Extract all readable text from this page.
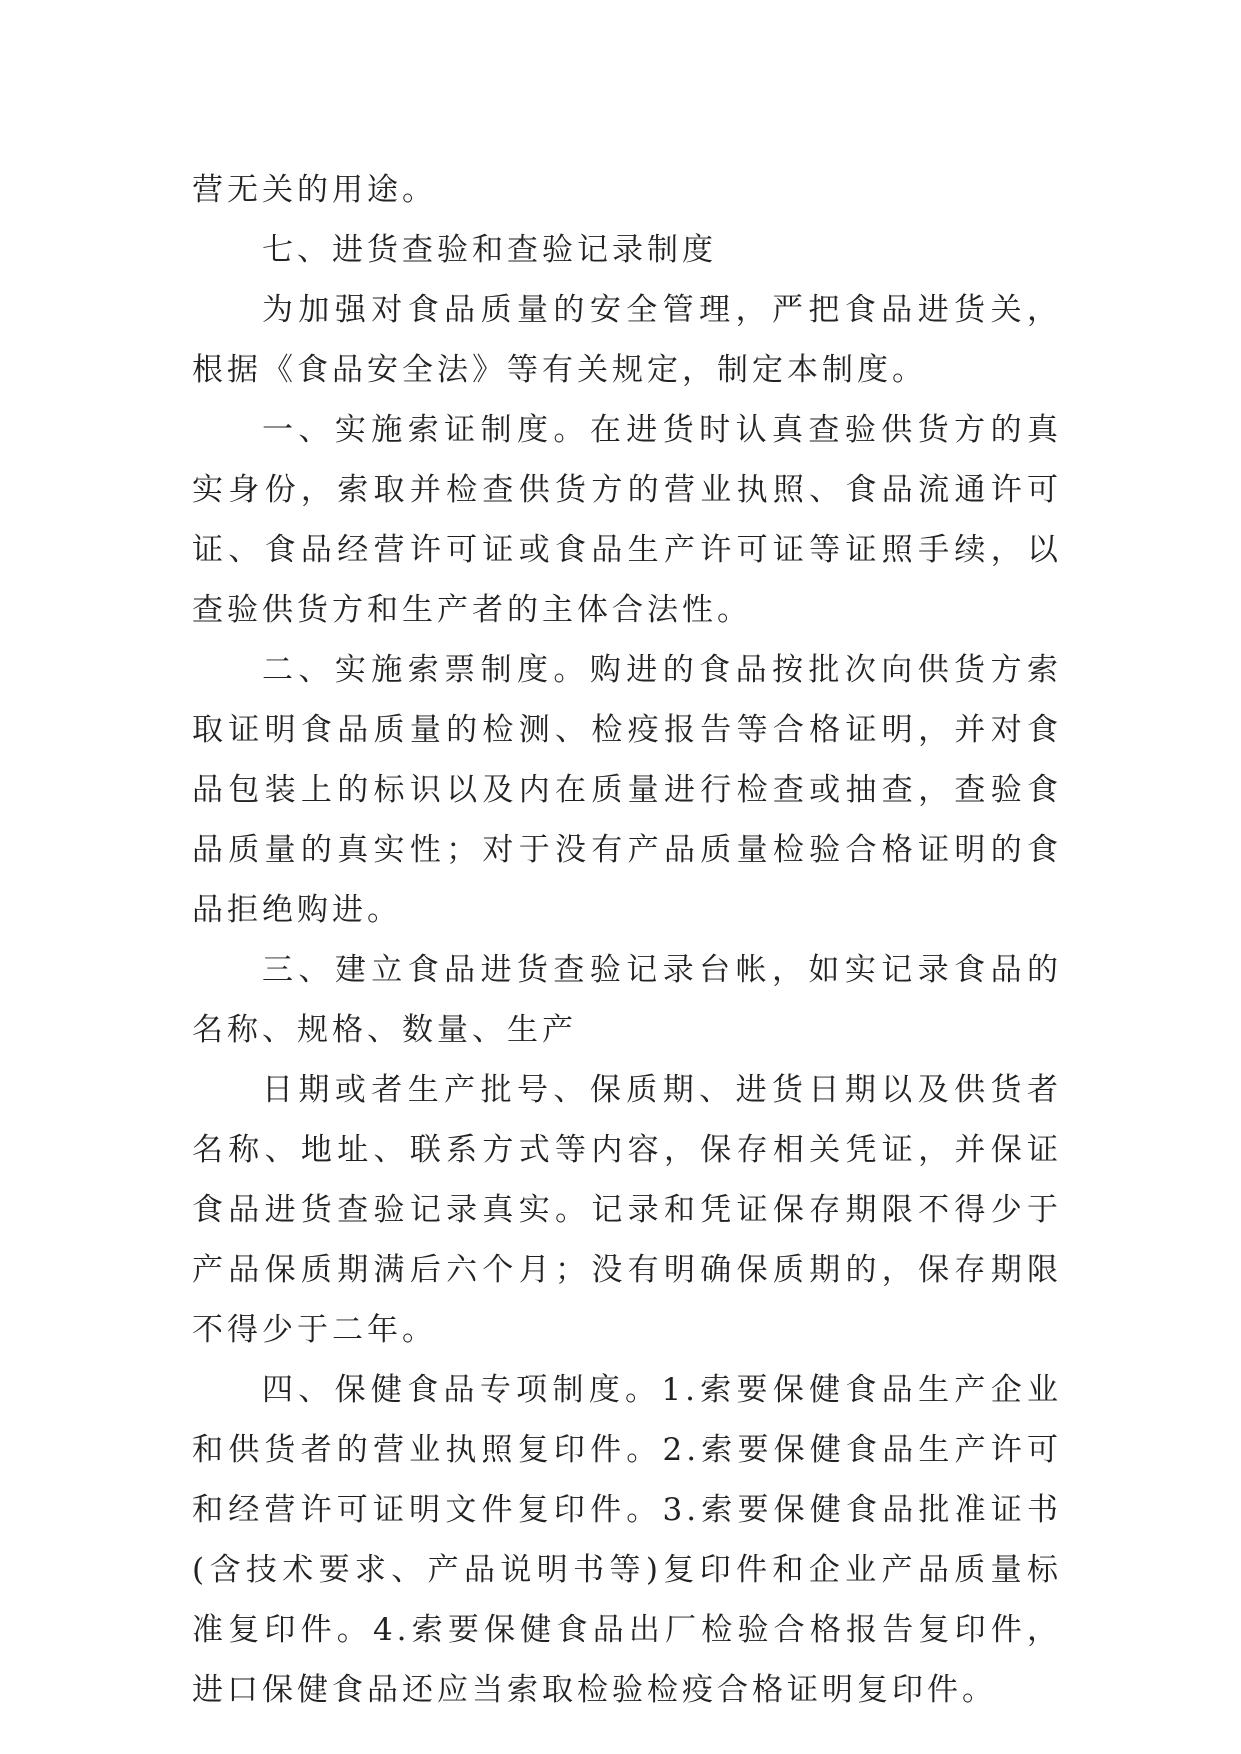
营无关的用途。

七、进货查验和查验记录制度

为加强对食品质量的安全管理，严把食品进货关，根据《食品安全法》等有关规定，制定本制度。

一、实施索证制度。在进货时认真查验供货方的真实身份，索取并检查供货方的营业执照、食品流通许可证、食品经营许可证或食品生产许可证等证照手续，以查验供货方和生产者的主体合法性。

二、实施索票制度。购进的食品按批次向供货方索取证明食品质量的检测、检疫报告等合格证明，并对食品包装上的标识以及内在质量进行检查或抽查，查验食品质量的真实性；对于没有产品质量检验合格证明的食品拒绝购进。

三、建立食品进货查验记录台帐，如实记录食品的名称、规格、数量、生产

日期或者生产批号、保质期、进货日期以及供货者名称、地址、联系方式等内容，保存相关凭证，并保证食品进货查验记录真实。记录和凭证保存期限不得少于产品保质期满后六个月；没有明确保质期的，保存期限不得少于二年。

四、保健食品专项制度。1.索要保健食品生产企业和供货者的营业执照复印件。2.索要保健食品生产许可和经营许可证明文件复印件。3.索要保健食品批准证书(含技术要求、产品说明书等)复印件和企业产品质量标准复印件。4.索要保健食品出厂检验合格报告复印件，进口保健食品还应当索取检验检疫合格证明复印件。
